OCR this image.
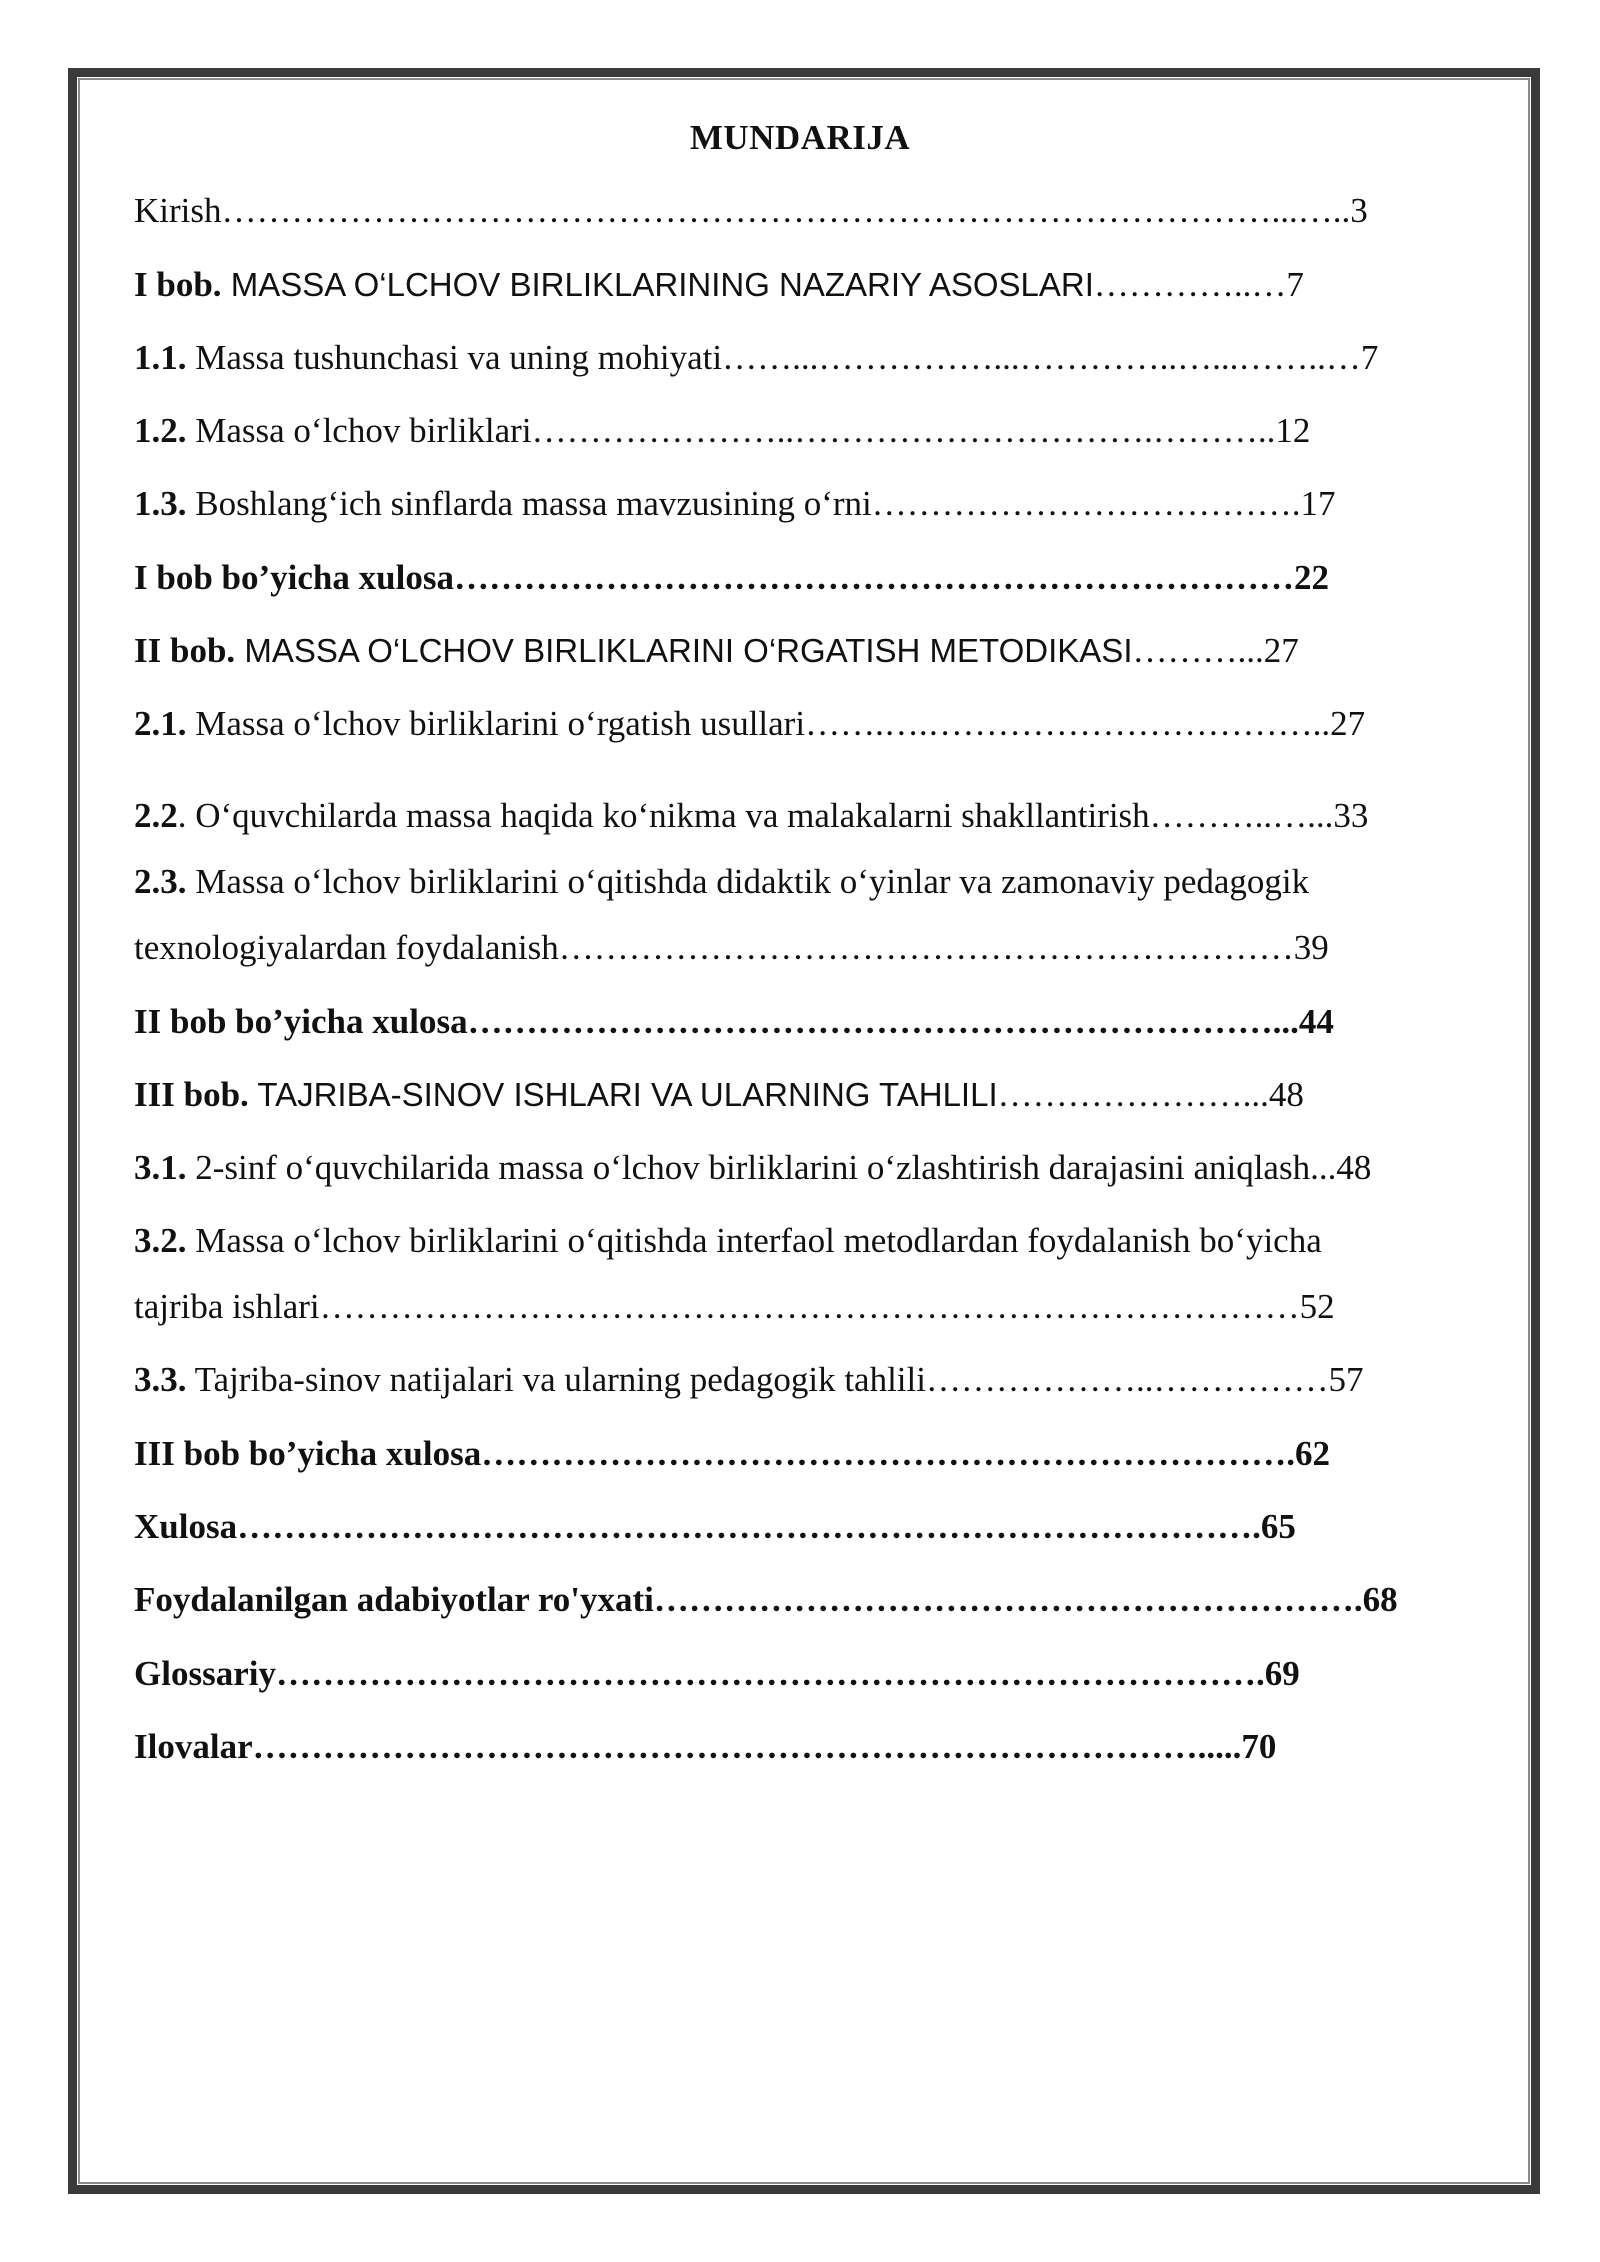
MUNDARIJA
Kirish………………………………………………………………………………...…..3
I bob. MASSA O‘LCHOV BIRLIKLARINING NAZARIY ASOSLARI…………..…7
1.1. Massa tushunchasi va uning mohiyati……...……………...…………..…...……..…7
1.2. Massa o‘lchov birliklari…………………..………………………….………..12
1.3. Boshlang‘ich sinflarda massa mavzusining o‘rni……………………………….17
I bob bo’yicha xulosa………………………………………………………………22
II bob. MASSA O‘LCHOV BIRLIKLARINI O‘RGATISH METODIKASI………...27
2.1. Massa o‘lchov birliklarini o‘rgatish usullari…….….……………………………..27
2.2. O‘quvchilarda massa haqida ko‘nikma va malakalarni shakllantirish………..…...33
2.3. Massa o‘lchov birliklarini o‘qitishda didaktik o‘yinlar va zamonaviy pedagogik
texnologiyalardan foydalanish………………………………………………………39
II bob bo’yicha xulosa……………………………………………………………...44
III bob. TAJRIBA-SINOV ISHLARI VA ULARNING TAHLILI…………………...48
3.1. 2-sinf o‘quvchilarida massa o‘lchov birliklarini o‘zlashtirish darajasini aniqlash...48
3.2. Massa o‘lchov birliklarini o‘qitishda interfaol metodlardan foydalanish bo‘yicha
tajriba ishlari…………………………………………………………………………52
3.3. Tajriba-sinov natijalari va ularning pedagogik tahlili………………..……………57
III bob bo’yicha xulosa…………………………………………………………….62
Xulosa…………………………………………………………………………….65
Foydalanilgan adabiyotlar ro'yxati…………………………………………………….68
Glossariy………………………………………………………………………….69
Ilovalar……………………………………………………………………….....70
